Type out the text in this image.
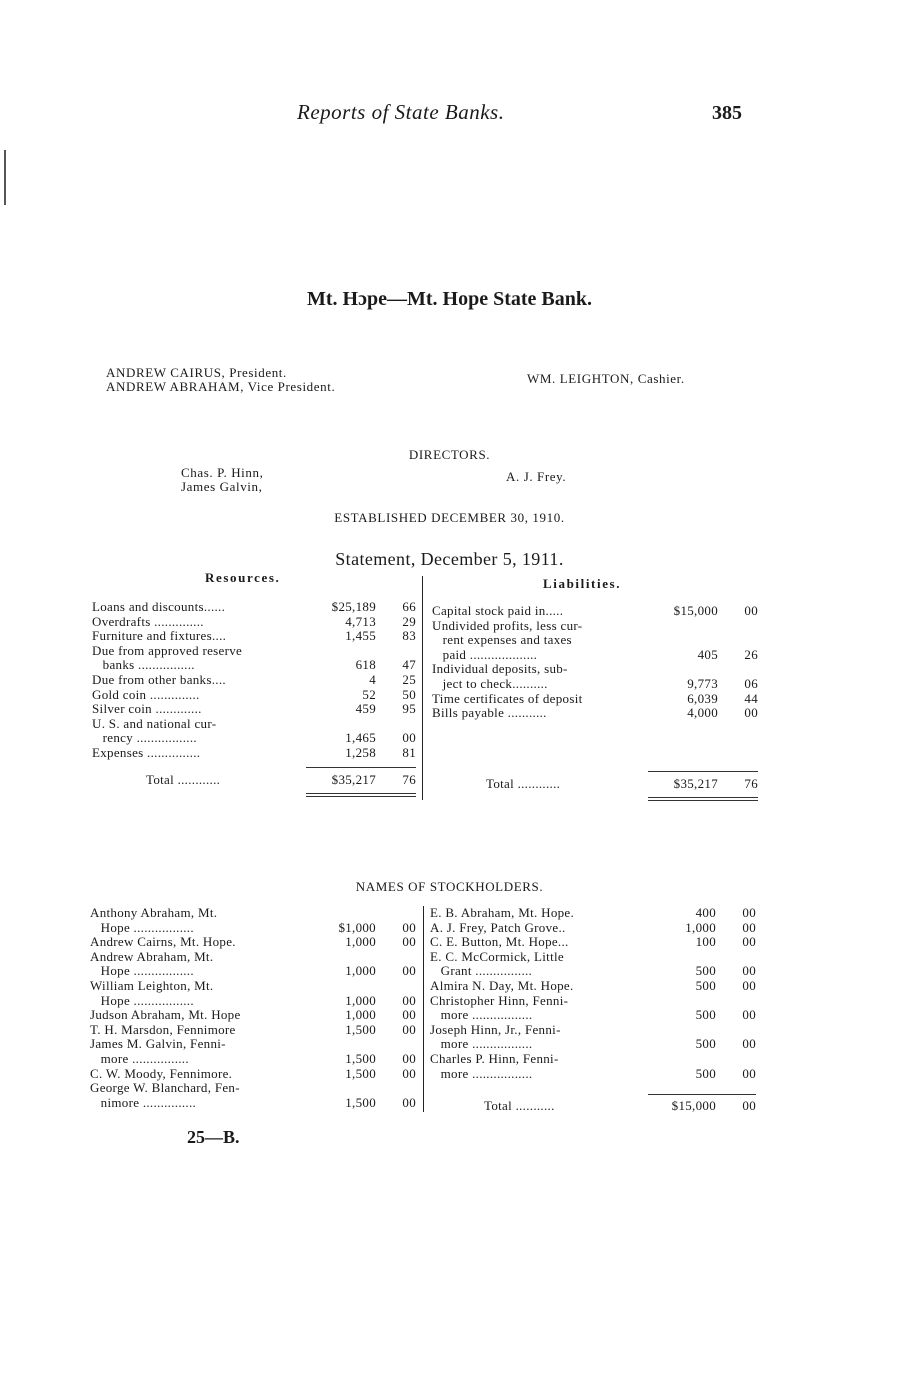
Reports of State Banks.	385
Mt. Hɔpe—Mt. Hope State Bank.
ANDREW CAIRUS, President.
ANDREW ABRAHAM, Vice President.
WM. LEIGHTON, Cashier.
DIRECTORS.
Chas. P. Hinn,
James Galvin,
A. J. Frey.
ESTABLISHED DECEMBER 30, 1910.
Statement, December 5, 1911.
Resources.	Liabilities.
Loans and discounts......	$25,189	66
Overdrafts ..............	4,713	29
Furniture and fixtures....	1,455	83
Due from approved reserve
banks ................	618	47
Due from other banks....	4	25
Gold coin ..............	52	50
Silver coin .............	459	95
U. S. and national cur-
rency .................	1,465	00
Expenses ...............	1,258	81
Capital stock paid in.....	$15,000	00
Undivided profits, less cur-
rent expenses and taxes
paid ...................	405	26
Individual deposits, sub-
ject to check..........	9,773	06
Time certificates of deposit	6,039	44
Bills payable ...........	4,000	00
Total ............	$35,217	76	Total ............	$35,217	76
NAMES OF STOCKHOLDERS.
Anthony Abraham, Mt.
Hope .................	$1,000	00
Andrew Cairns, Mt. Hope.	1,000	00
Andrew Abraham, Mt.
Hope .................	1,000	00
William Leighton, Mt.
Hope .................	1,000	00
Judson Abraham, Mt. Hope	1,000	00
T. H. Marsdon, Fennimore	1,500	00
James M. Galvin, Fenni-
more ................	1,500	00
C. W. Moody, Fennimore.	1,500	00
George W. Blanchard, Fen-
nimore ...............	1,500	00
E. B. Abraham, Mt. Hope.	400	00
A. J. Frey, Patch Grove..	1,000	00
C. E. Button, Mt. Hope...	100	00
E. C. McCormick, Little
Grant ................	500	00
Almira N. Day, Mt. Hope.	500	00
Christopher Hinn, Fenni-
more .................	500	00
Joseph Hinn, Jr., Fenni-
more .................	500	00
Charles P. Hinn, Fenni-
more .................	500	00
Total ...........	$15,000	00
25—B.
